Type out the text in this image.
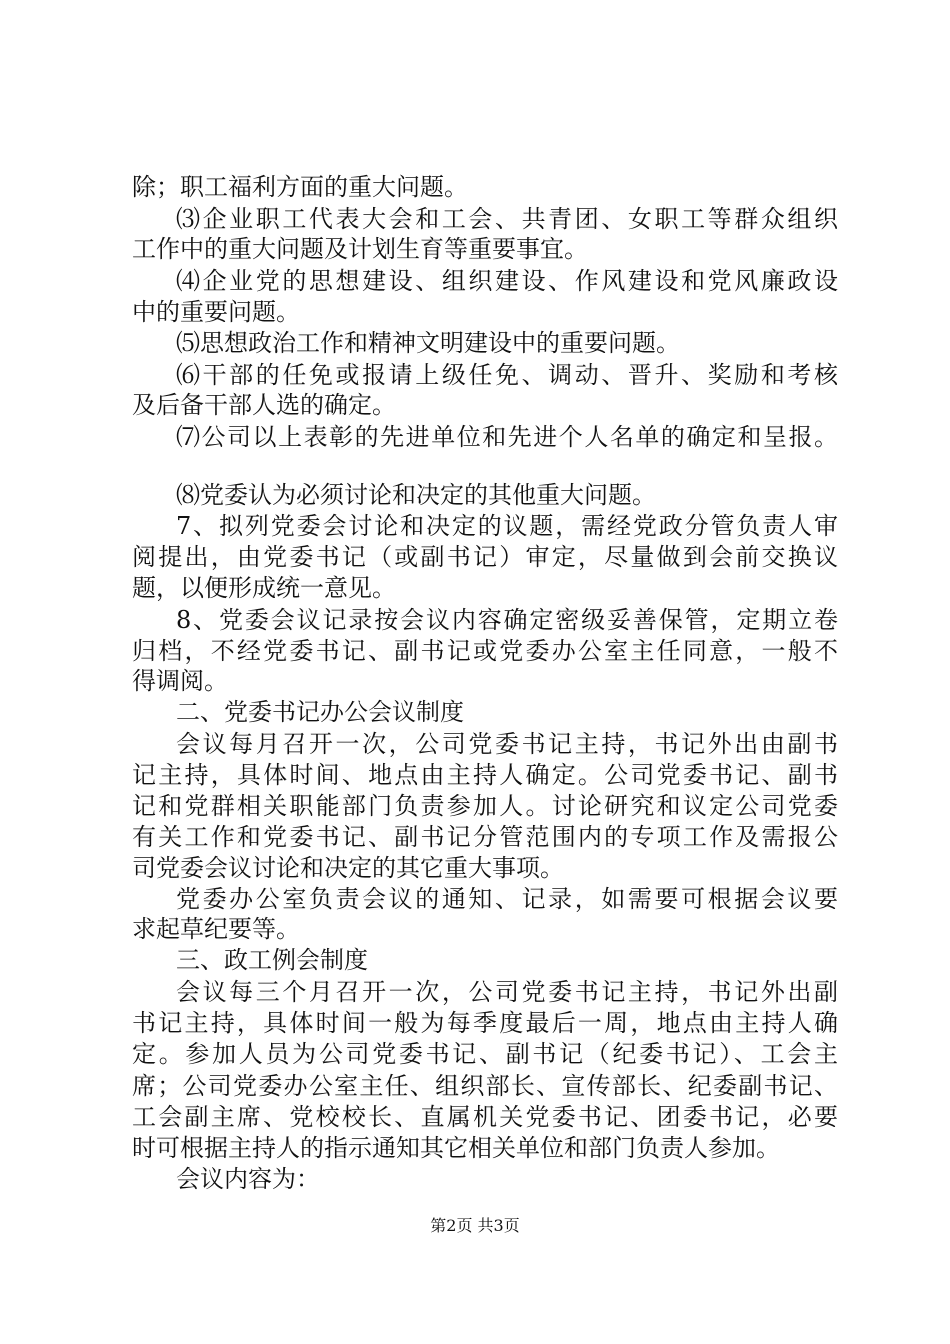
除；职工福利方面的重大问题。
⑶企业职工代表大会和工会、共青团、女职工等群众组织
工作中的重大问题及计划生育等重要事宜。
⑷企业党的思想建设、组织建设、作风建设和党风廉政设
中的重要问题。
⑸思想政治工作和精神文明建设中的重要问题。
⑹干部的任免或报请上级任免、调动、晋升、奖励和考核
及后备干部人选的确定。
⑺公司以上表彰的先进单位和先进个人名单的确定和呈报。
⑻党委认为必须讨论和决定的其他重大问题。
7、拟列党委会讨论和决定的议题，需经党政分管负责人审
阅提出，由党委书记（或副书记）审定，尽量做到会前交换议
题，以便形成统一意见。
8、党委会议记录按会议内容确定密级妥善保管，定期立卷
归档，不经党委书记、副书记或党委办公室主任同意，一般不
得调阅。
二、党委书记办公会议制度
会议每月召开一次，公司党委书记主持，书记外出由副书
记主持，具体时间、地点由主持人确定。公司党委书记、副书
记和党群相关职能部门负责参加人。讨论研究和议定公司党委
有关工作和党委书记、副书记分管范围内的专项工作及需报公
司党委会议讨论和决定的其它重大事项。
党委办公室负责会议的通知、记录，如需要可根据会议要
求起草纪要等。
三、政工例会制度
会议每三个月召开一次，公司党委书记主持，书记外出副
书记主持，具体时间一般为每季度最后一周，地点由主持人确
定。参加人员为公司党委书记、副书记（纪委书记）、工会主
席；公司党委办公室主任、组织部长、宣传部长、纪委副书记、
工会副主席、党校校长、直属机关党委书记、团委书记，必要
时可根据主持人的指示通知其它相关单位和部门负责人参加。
会议内容为：
第2页 共3页
